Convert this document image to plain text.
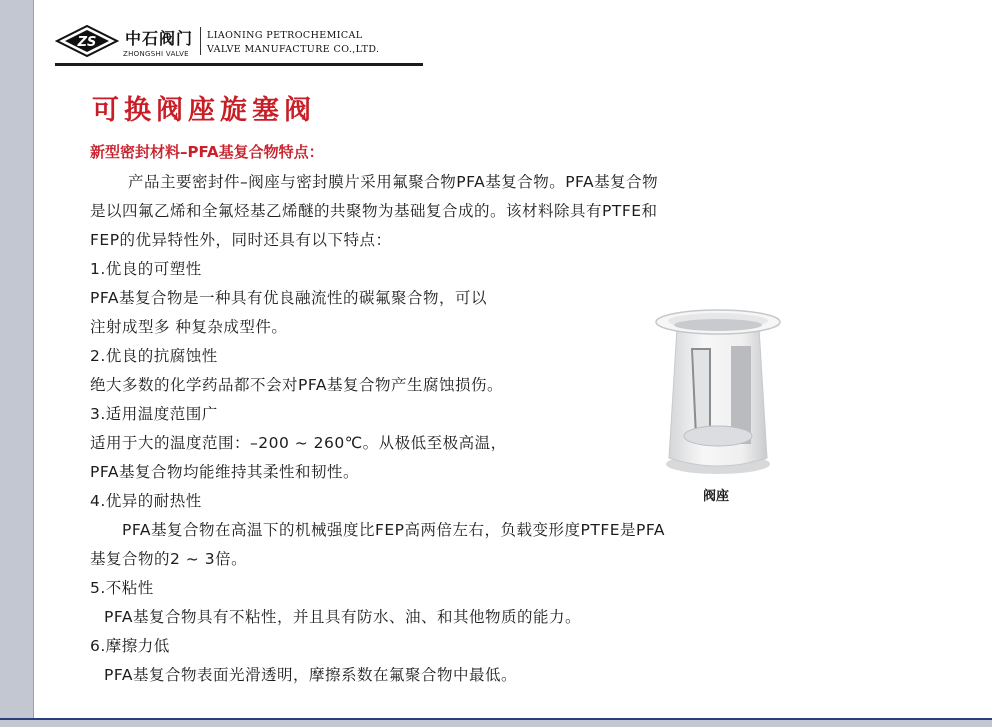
ZS 中石阀门
ZHONGSHI VALVE
LIAONING PETROCHEMICAL
VALVE MANUFACTURE CO.,LTD.
可换阀座旋塞阀
新型密封材料–PFA基复合物特点：
产品主要密封件–阀座与密封膜片采用氟聚合物PFA基复合物。PFA基复合物
是以四氟乙烯和全氟烃基乙烯醚的共聚物为基础复合成的。该材料除具有PTFE和
FEP的优异特性外，同时还具有以下特点：
1.优良的可塑性
PFA基复合物是一种具有优良融流性的碳氟聚合物，可以
注射成型多 种复杂成型件。
2.优良的抗腐蚀性
绝大多数的化学药品都不会对PFA基复合物产生腐蚀损伤。
3.适用温度范围广
适用于大的温度范围：–200 ~ 260℃。从极低至极高温，
PFA基复合物均能维持其柔性和韧性。
4.优异的耐热性
PFA基复合物在高温下的机械强度比FEP高两倍左右，负载变形度PTFE是PFA
基复合物的2 ~ 3倍。
5.不粘性
PFA基复合物具有不粘性，并且具有防水、油、和其他物质的能力。
6.摩擦力低
PFA基复合物表面光滑透明，摩擦系数在氟聚合物中最低。
阀座
